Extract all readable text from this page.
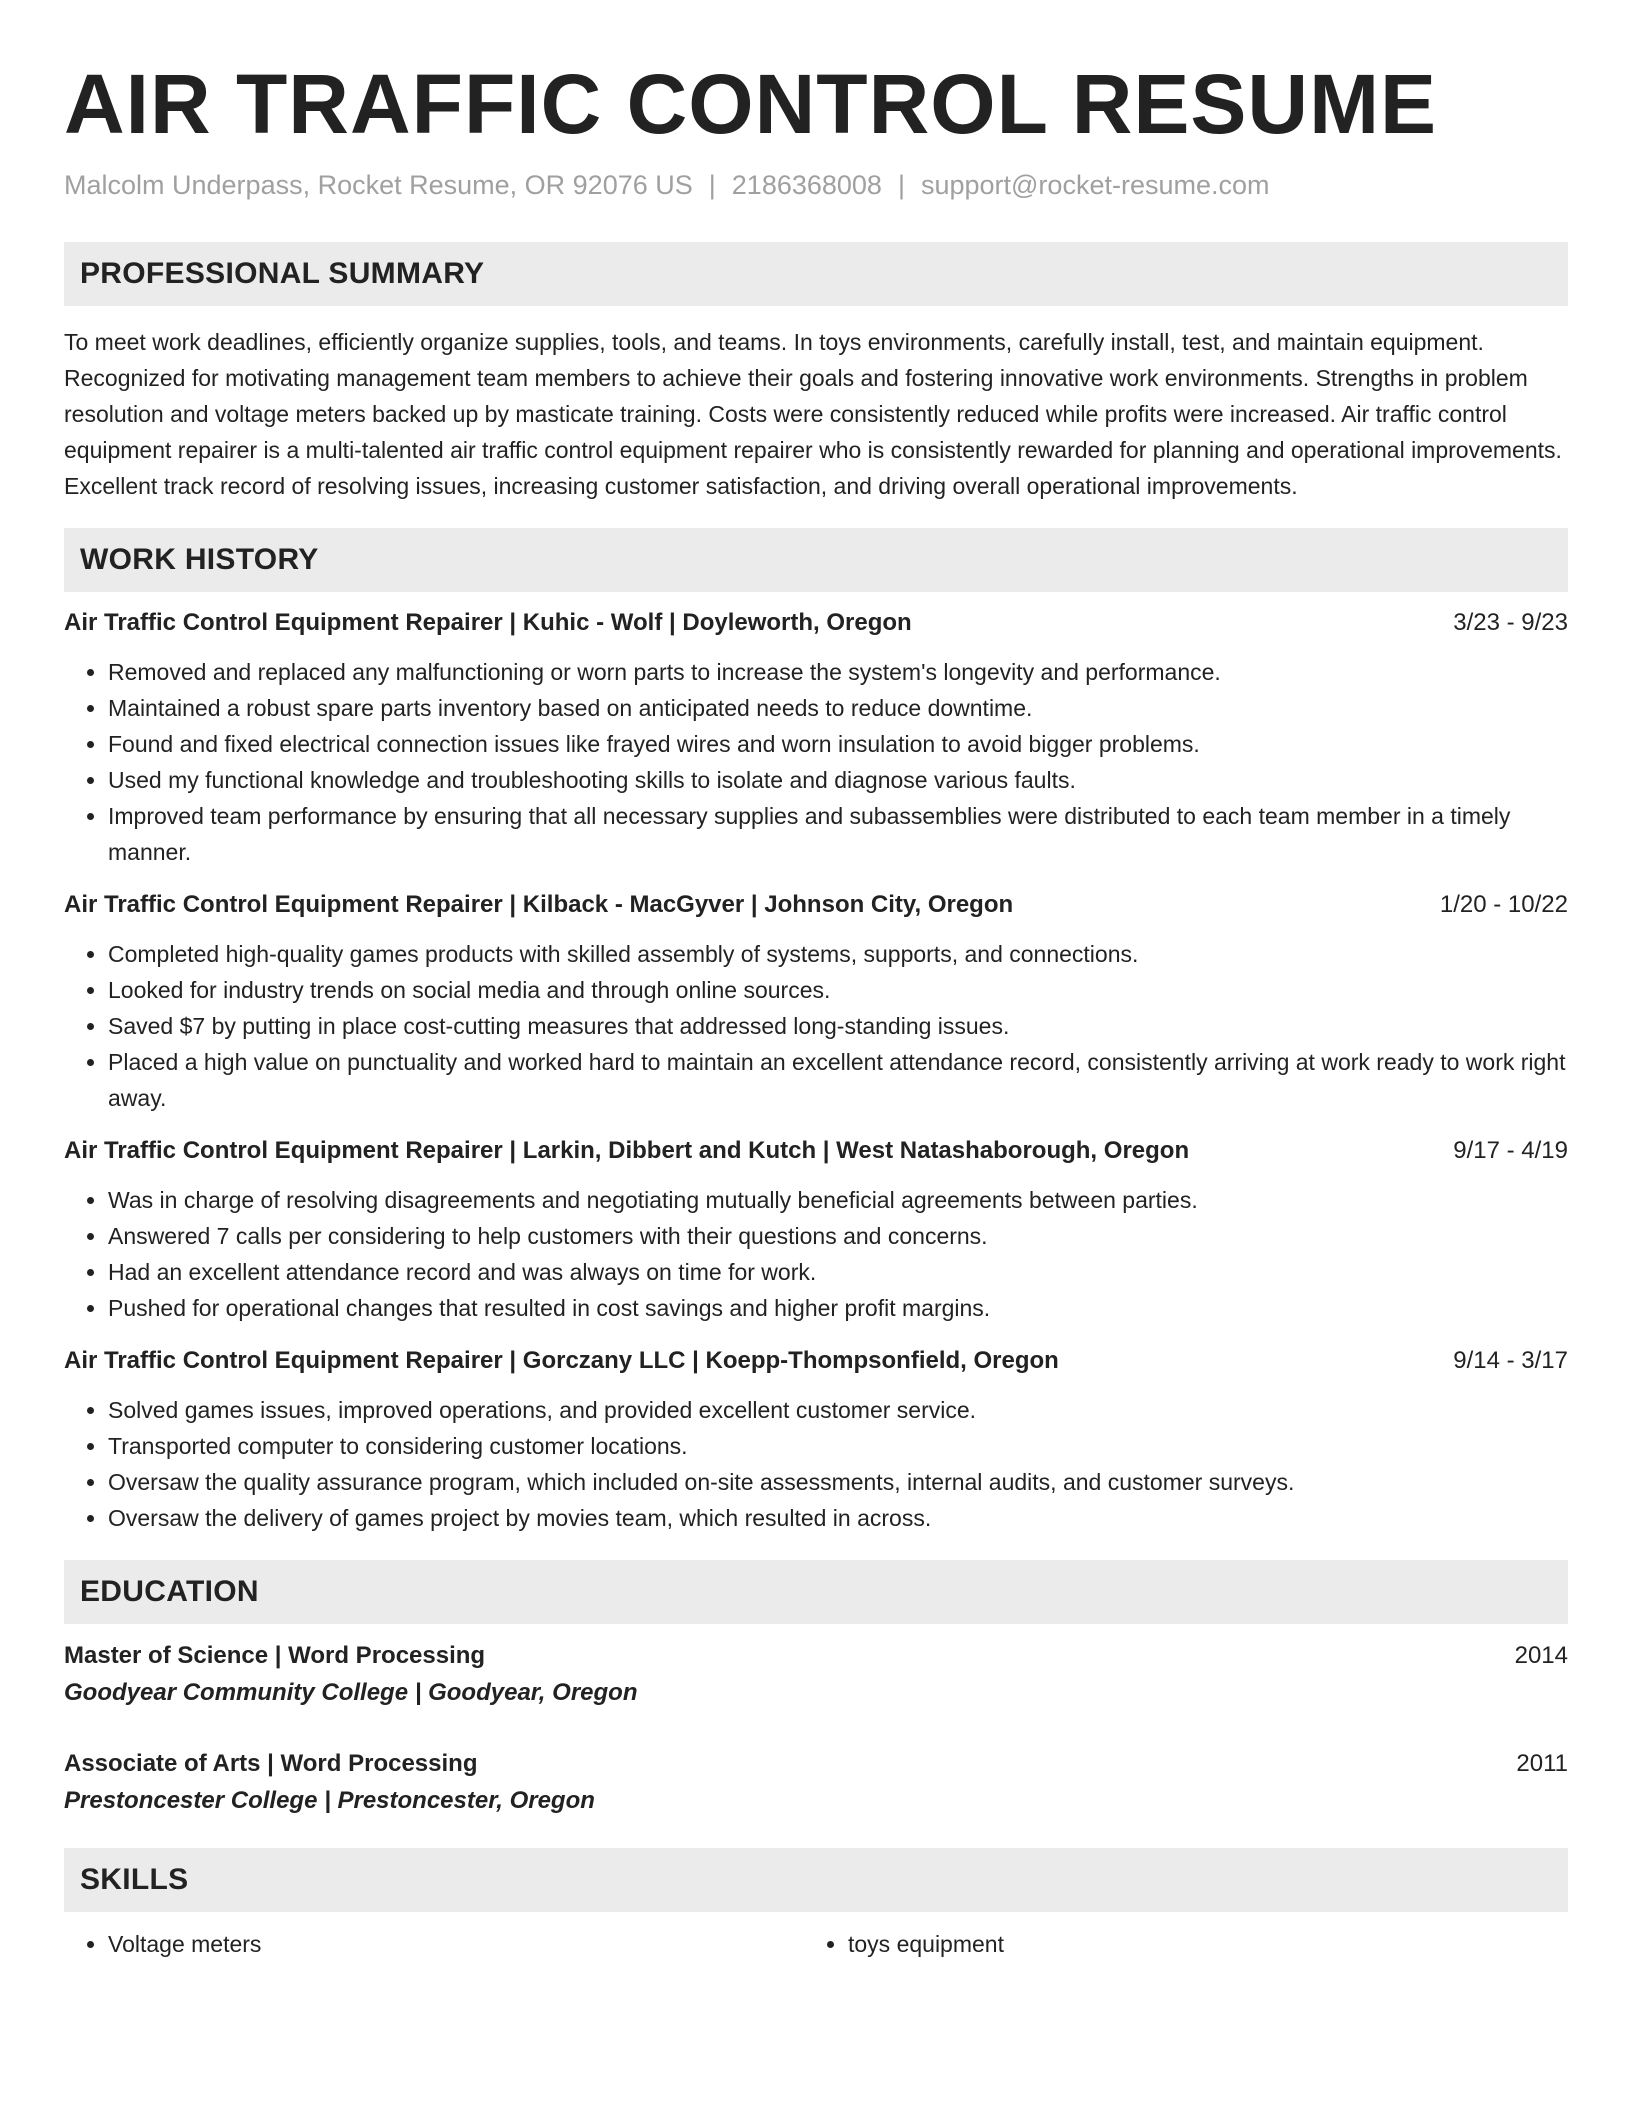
AIR TRAFFIC CONTROL RESUME
Malcolm Underpass, Rocket Resume, OR 92076 US | 2186368008 | support@rocket-resume.com
PROFESSIONAL SUMMARY
To meet work deadlines, efficiently organize supplies, tools, and teams. In toys environments, carefully install, test, and maintain equipment. Recognized for motivating management team members to achieve their goals and fostering innovative work environments. Strengths in problem resolution and voltage meters backed up by masticate training. Costs were consistently reduced while profits were increased. Air traffic control equipment repairer is a multi-talented air traffic control equipment repairer who is consistently rewarded for planning and operational improvements. Excellent track record of resolving issues, increasing customer satisfaction, and driving overall operational improvements.
WORK HISTORY
Air Traffic Control Equipment Repairer | Kuhic - Wolf | Doyleworth, Oregon	3/23 - 9/23
• Removed and replaced any malfunctioning or worn parts to increase the system's longevity and performance.
• Maintained a robust spare parts inventory based on anticipated needs to reduce downtime.
• Found and fixed electrical connection issues like frayed wires and worn insulation to avoid bigger problems.
• Used my functional knowledge and troubleshooting skills to isolate and diagnose various faults.
• Improved team performance by ensuring that all necessary supplies and subassemblies were distributed to each team member in a timely manner.
Air Traffic Control Equipment Repairer | Kilback - MacGyver | Johnson City, Oregon	1/20 - 10/22
• Completed high-quality games products with skilled assembly of systems, supports, and connections.
• Looked for industry trends on social media and through online sources.
• Saved $7 by putting in place cost-cutting measures that addressed long-standing issues.
• Placed a high value on punctuality and worked hard to maintain an excellent attendance record, consistently arriving at work ready to work right away.
Air Traffic Control Equipment Repairer | Larkin, Dibbert and Kutch | West Natashaborough, Oregon	9/17 - 4/19
• Was in charge of resolving disagreements and negotiating mutually beneficial agreements between parties.
• Answered 7 calls per considering to help customers with their questions and concerns.
• Had an excellent attendance record and was always on time for work.
• Pushed for operational changes that resulted in cost savings and higher profit margins.
Air Traffic Control Equipment Repairer | Gorczany LLC | Koepp-Thompsonfield, Oregon	9/14 - 3/17
• Solved games issues, improved operations, and provided excellent customer service.
• Transported computer to considering customer locations.
• Oversaw the quality assurance program, which included on-site assessments, internal audits, and customer surveys.
• Oversaw the delivery of games project by movies team, which resulted in across.
EDUCATION
Master of Science | Word Processing	2014
Goodyear Community College | Goodyear, Oregon
Associate of Arts | Word Processing	2011
Prestoncester College | Prestoncester, Oregon
SKILLS
• Voltage meters
•	toys equipment
